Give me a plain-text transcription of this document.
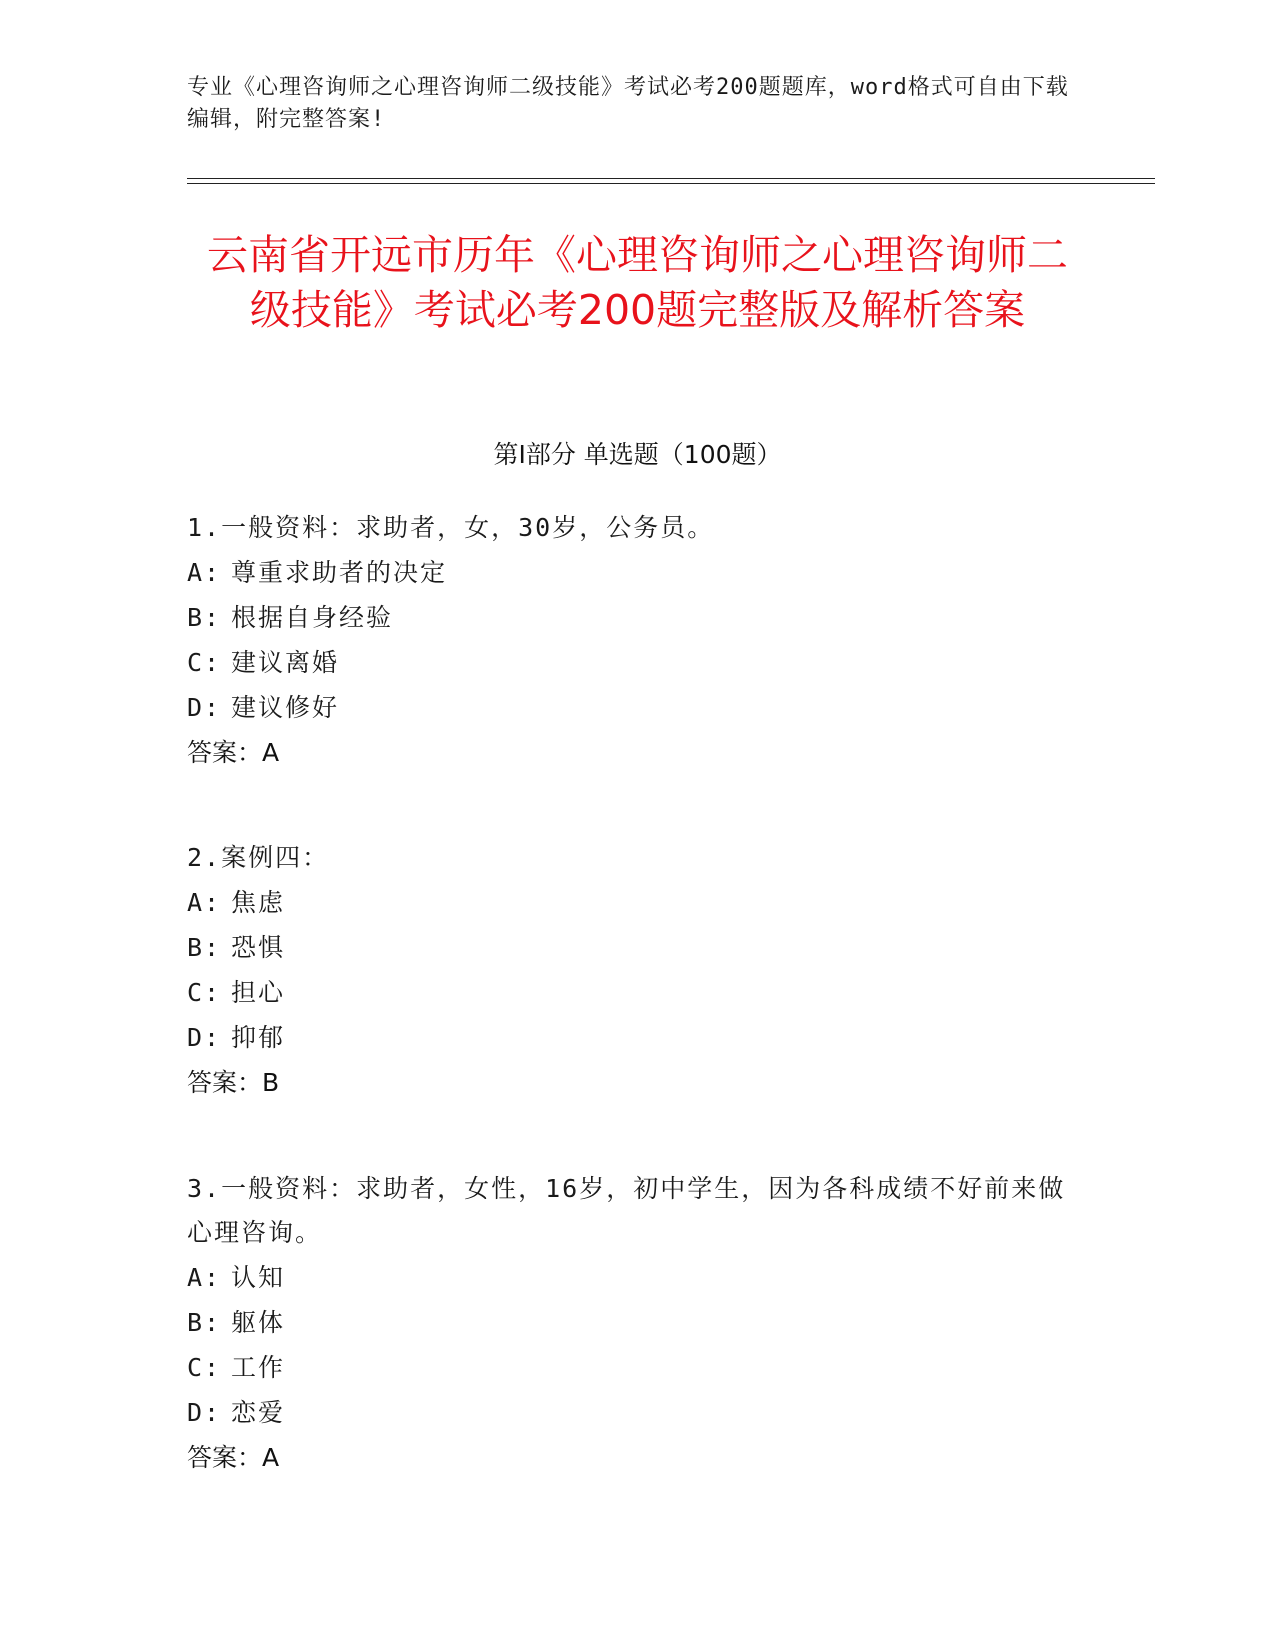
专业《心理咨询师之心理咨询师二级技能》考试必考200题题库，word格式可自由下载编辑，附完整答案!
云南省开远市历年《心理咨询师之心理咨询师二级技能》考试必考200题完整版及解析答案
第Ⅰ部分 单选题（100题）
1.一般资料：求助者，女，30岁，公务员。
A: 尊重求助者的决定
B: 根据自身经验
C: 建议离婚
D: 建议修好
答案：A
2.案例四：
A: 焦虑
B: 恐惧
C: 担心
D: 抑郁
答案：B
3.一般资料：求助者，女性，16岁，初中学生，因为各科成绩不好前来做心理咨询。
A: 认知
B: 躯体
C: 工作
D: 恋爱
答案：A
